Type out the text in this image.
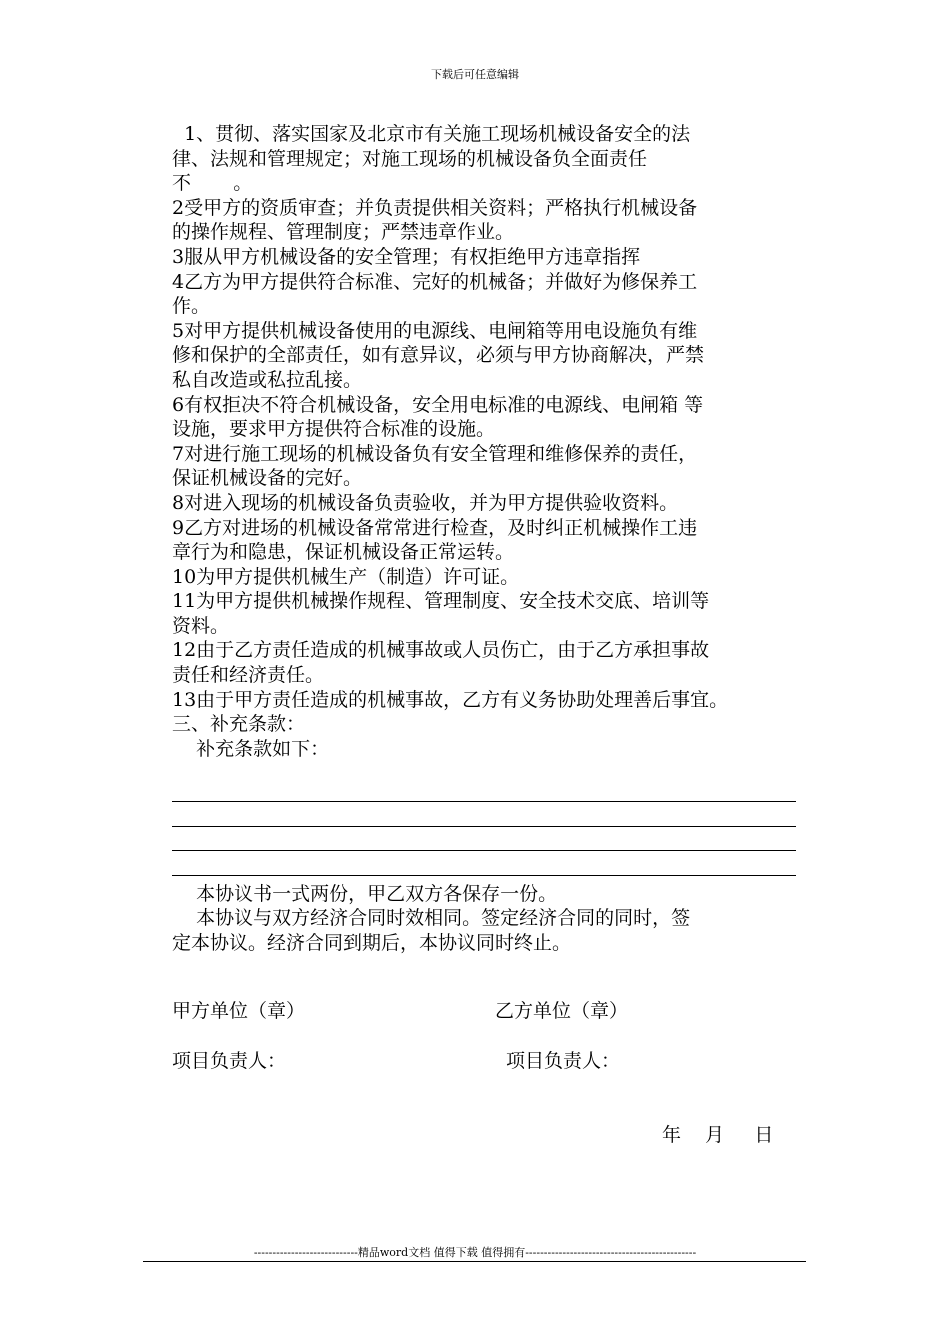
下载后可任意编辑
1、贯彻、落实国家及北京市有关施工现场机械设备安全的法
律、法规和管理规定；对施工现场的机械设备负全面责任
不       。
2受甲方的资质审查；并负责提供相关资料；严格执行机械设备
的操作规程、管理制度；严禁违章作业。
3服从甲方机械设备的安全管理；有权拒绝甲方违章指挥
4乙方为甲方提供符合标准、完好的机械备；并做好为修保养工
作。
5对甲方提供机械设备使用的电源线、电闸箱等用电设施负有维
修和保护的全部责任，如有意异议，必须与甲方协商解决，严禁
私自改造或私拉乱接。
6有权拒决不符合机械设备，安全用电标准的电源线、电闸箱 等
设施，要求甲方提供符合标准的设施。
7对进行施工现场的机械设备负有安全管理和维修保养的责任，
保证机械设备的完好。
8对进入现场的机械设备负责验收，并为甲方提供验收资料。
9乙方对进场的机械设备常常进行检查，及时纠正机械操作工违
章行为和隐患，保证机械设备正常运转。
10为甲方提供机械生产（制造）许可证。
11为甲方提供机械操作规程、管理制度、安全技术交底、培训等
资料。
12由于乙方责任造成的机械事故或人员伤亡，由于乙方承担事故
责任和经济责任。
13由于甲方责任造成的机械事故，乙方有义务协助处理善后事宜。
三、补充条款：
补充条款如下：
本协议书一式两份，甲乙双方各保存一份。
本协议与双方经济合同时效相同。签定经济合同的同时，签
定本协议。经济合同到期后，本协议同时终止。
甲方单位（章）	乙方单位（章）
项目负责人：	项目负责人：
年    月     日
----------------------------精品word文档 值得下载 值得拥有----------------------------------------------
